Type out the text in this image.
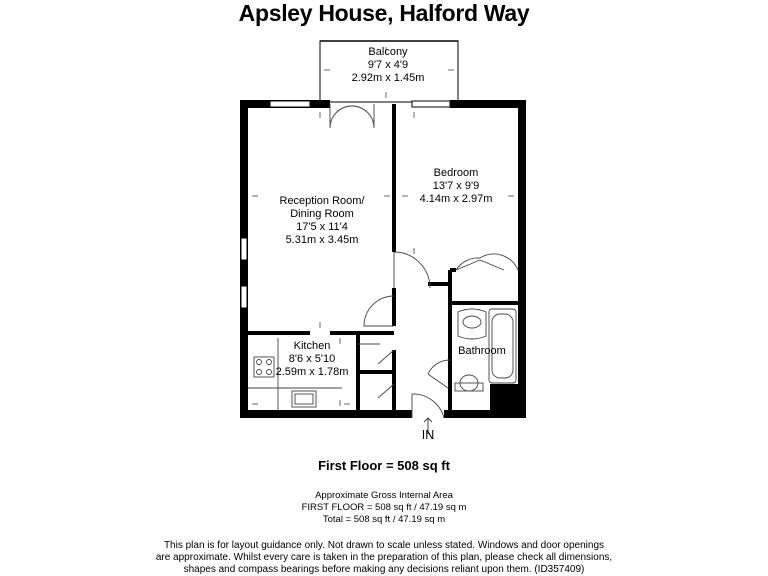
Apsley House, Halford Way
Balcony
9'7 x 4'9
2.92m x 1.45m
Reception Room/
Dining Room
17'5 x 11'4
5.31m x 3.45m
Bedroom
13'7 x 9'9
4.14m x 2.97m
Kitchen
8'6 x 5'10
2.59m x 1.78m
Bathroom
IN
First Floor = 508 sq ft
Approximate Gross Internal Area
FIRST FLOOR = 508 sq ft / 47.19 sq m
Total = 508 sq ft / 47.19 sq m
This plan is for layout guidance only. Not drawn to scale unless stated. Windows and door openings
are approximate. Whilst every care is taken in the preparation of this plan, please check all dimensions,
shapes and compass bearings before making any decisions reliant upon them. (ID357409)
